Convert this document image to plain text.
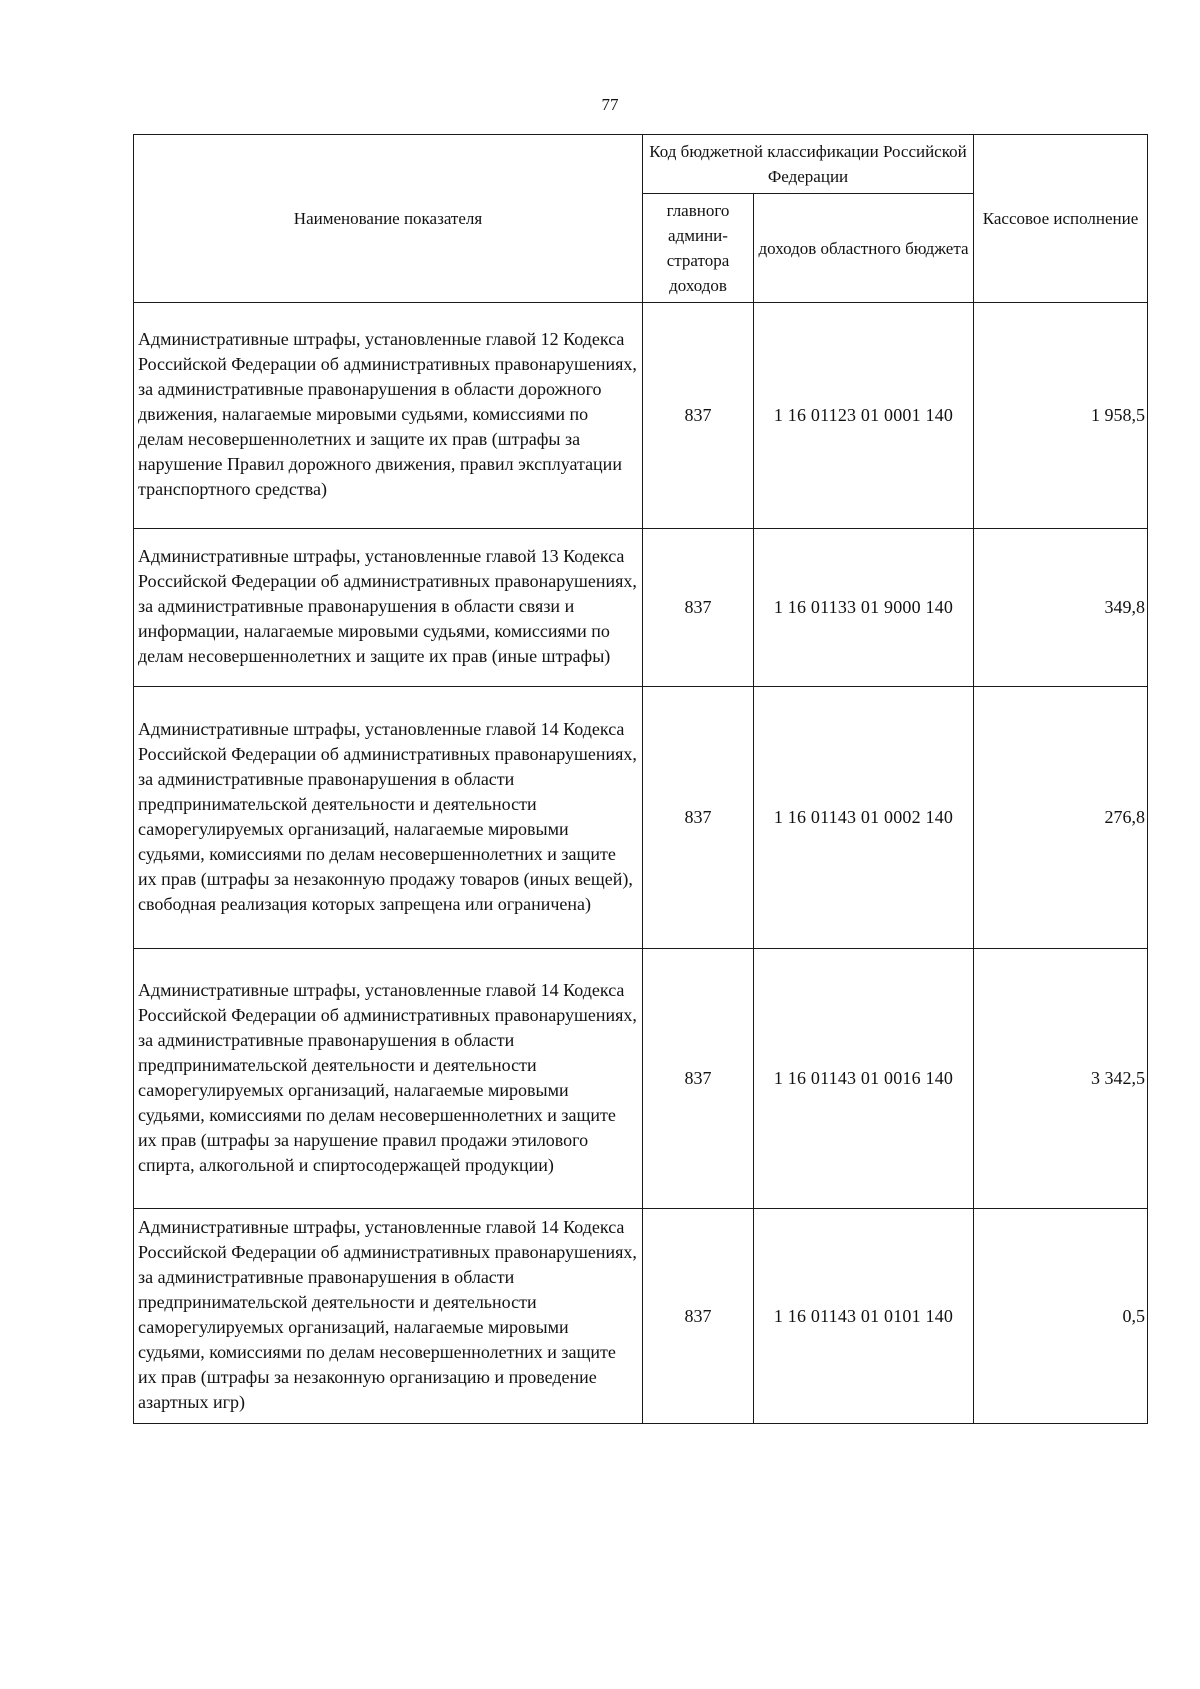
77
Наименование показателя	Код бюджетной классификации Российской Федерации		Кассовое исполнение
	главного админи-стратора доходов	доходов областного бюджета	
Административные штрафы, установленные главой 12 Кодекса Российской Федерации об административных правонарушениях, за административные правонарушения в области дорожного движения, налагаемые мировыми судьями, комиссиями по делам несовершеннолетних и защите их прав (штрафы за нарушение Правил дорожного движения, правил эксплуатации транспортного средства)	837	1 16 01123 01 0001 140	1 958,5
Административные штрафы, установленные главой 13 Кодекса Российской Федерации об административных правонарушениях, за административные правонарушения в области связи и информации, налагаемые мировыми судьями, комиссиями по делам несовершеннолетних и защите их прав (иные штрафы)	837	1 16 01133 01 9000 140	349,8
Административные штрафы, установленные главой 14 Кодекса Российской Федерации об административных правонарушениях, за административные правонарушения в области предпринимательской деятельности и деятельности саморегулируемых организаций, налагаемые мировыми судьями, комиссиями по делам несовершеннолетних и защите их прав (штрафы за незаконную продажу товаров (иных вещей), свободная реализация которых запрещена или ограничена)	837	1 16 01143 01 0002 140	276,8
Административные штрафы, установленные главой 14 Кодекса Российской Федерации об административных правонарушениях, за административные правонарушения в области предпринимательской деятельности и деятельности саморегулируемых организаций, налагаемые мировыми судьями, комиссиями по делам несовершеннолетних и защите их прав (штрафы за нарушение правил продажи этилового спирта, алкогольной и спиртосодержащей продукции)	837	1 16 01143 01 0016 140	3 342,5
Административные штрафы, установленные главой 14 Кодекса Российской Федерации об административных правонарушениях, за административные правонарушения в области предпринимательской деятельности и деятельности саморегулируемых организаций, налагаемые мировыми судьями, комиссиями по делам несовершеннолетних и защите их прав (штрафы за незаконную организацию и проведение азартных игр)	837	1 16 01143 01 0101 140	0,5
